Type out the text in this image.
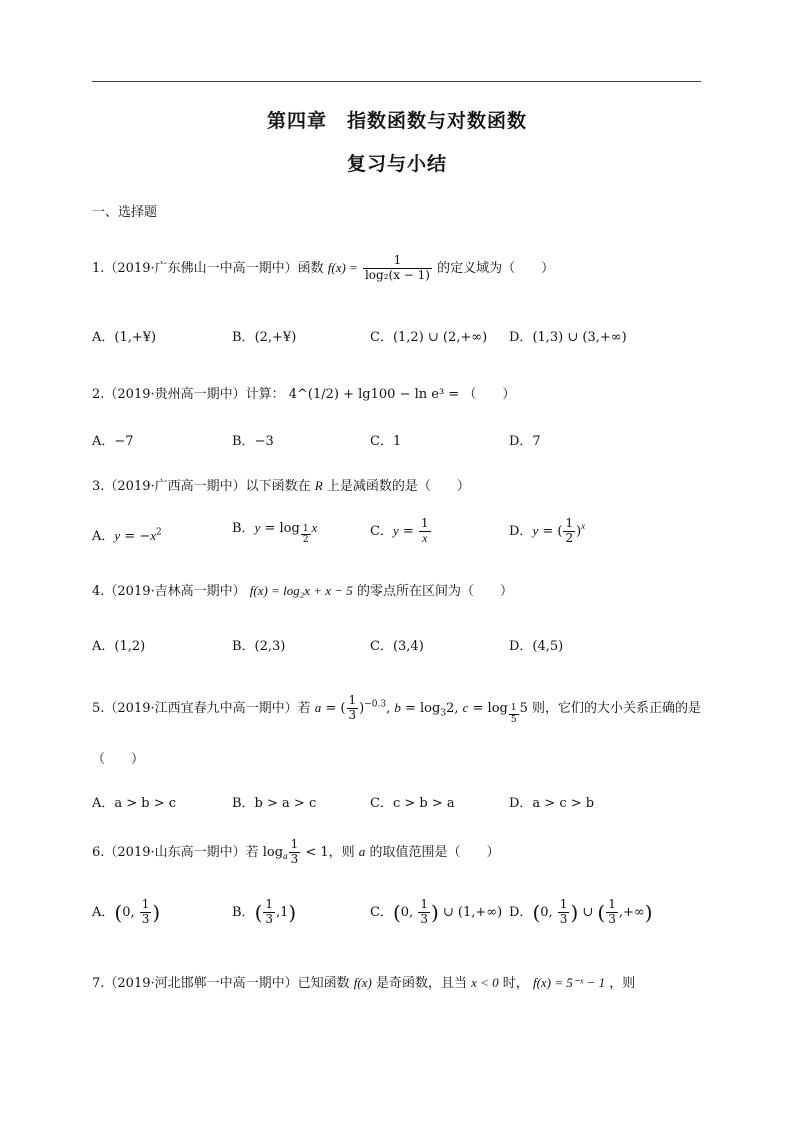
第四章　指数函数与对数函数
复习与小结
一、选择题
1.（2019·广东佛山一中高一期中）函数 $f(x) = \frac{1}{\text{log₂(x − 1)}}$ 的定义域为（　　）
A．(1,+¥)	B．(2,+¥)	C．(1,2) ∪ (2,+∞) D．(1,3) ∪ (3,+∞)
2.（2019·贵州高一期中）计算： 4^(1/2) + lg100 − ln e³ = （　　）
A．−7	B．−3	C．1	D．7
3.（2019·广西高一期中）以下函数在 R 上是减函数的是（　　）
A．$y = -x^2$	B．$y = \log \frac{1}{2}$ x	C．$y = \frac{1}{x}$	D．y = ( $\frac{1}{2} )^x$
4.（2019·吉林高一期中） f(x) = log₂x + x − 5 的零点所在区间为（　　）
A．(1,2)	B．(2,3)	C．(3,4)	D．(4,5)
5.（2019·江西宜春九中高一期中）若 a = ( $\frac{1}{3} )^{-0.3}$, $b = \log_32$, $c = \log \frac{1}{5} 5$ 则，它们的大小关系正确的是
（　　）
A．a > b > c	B．b > a > c	C．c > b > a	D．a > c > b
6.（2019·山东高一期中）若 $\log_a \frac{1}{3} < 1$，则 a 的取值范围是（　　）
A．(0, $\frac{1}{3}$ )	B．( $\frac{1}{3} ,1$)	C．(0, $\frac{1}{3}$ ) ∪ (1,+∞) D．(0, $\frac{1}{3}$ ) ∪ ( $\frac{1}{3}$ ,+∞)
7.（2019·河北邯郸一中高一期中）已知函数 f(x) 是奇函数，且当 x < 0 时， f(x) = 5⁻ˣ − 1 ，则
